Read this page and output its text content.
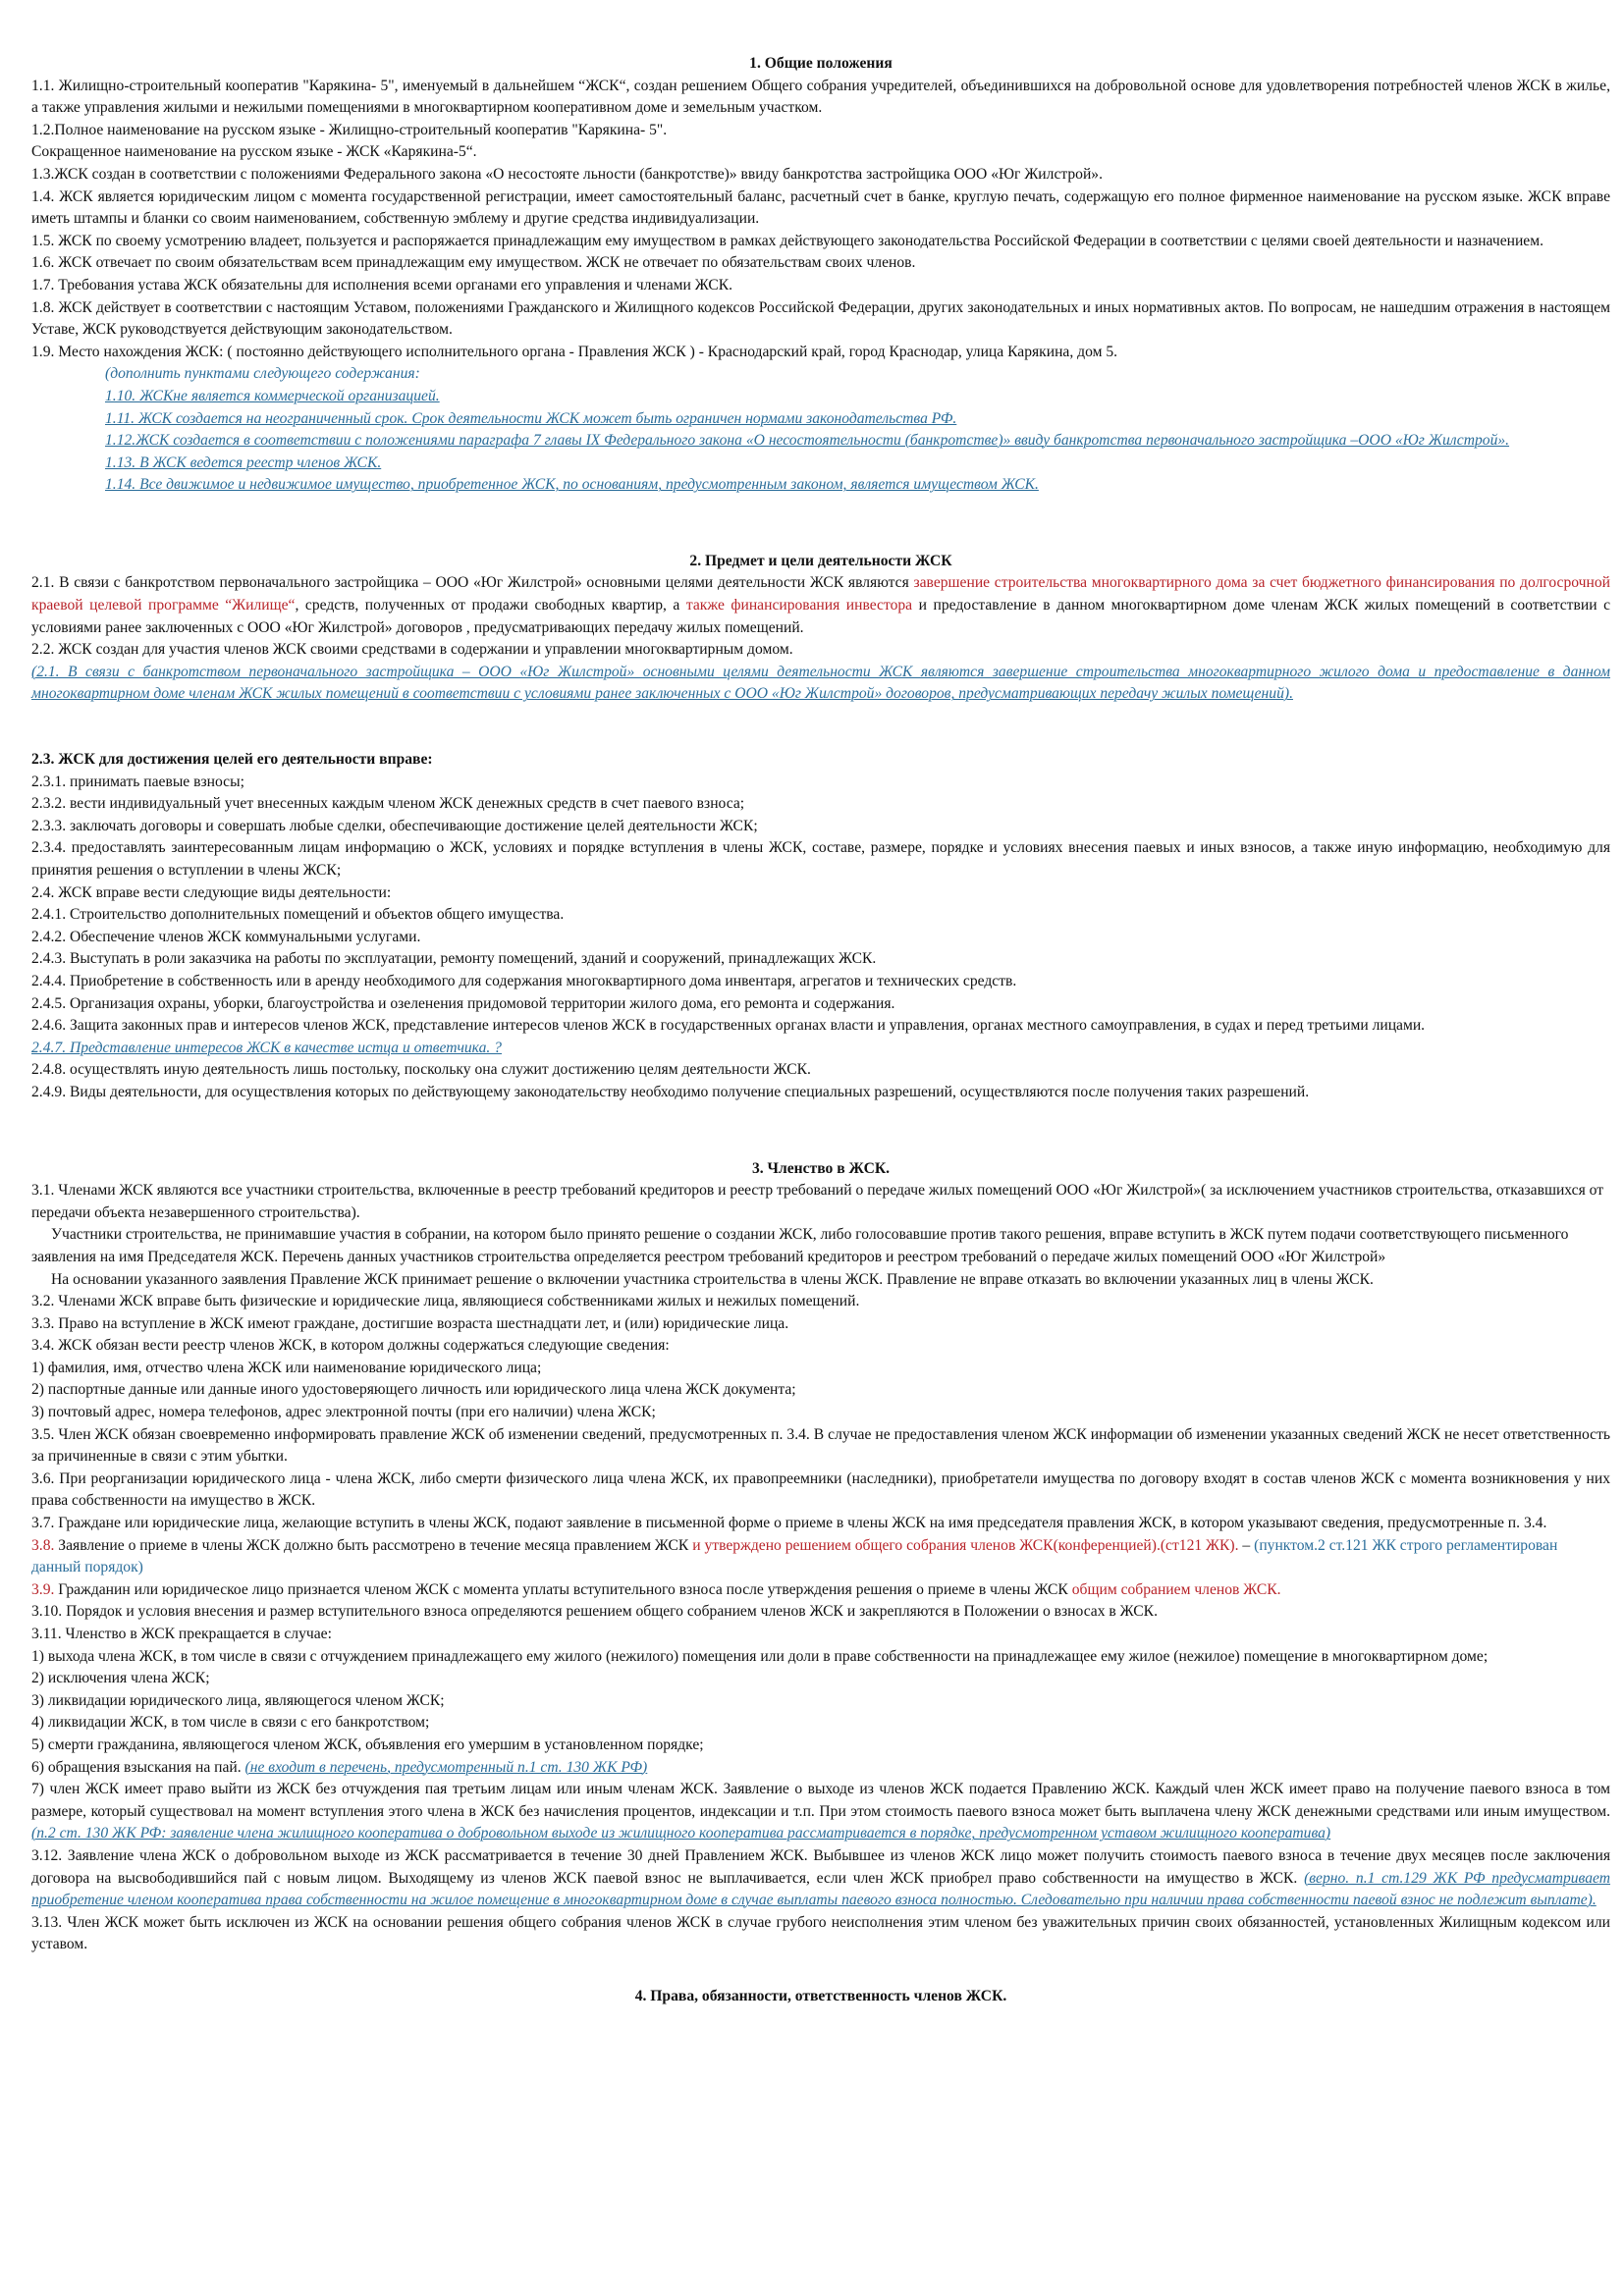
1. Общие положения

1.1. Жилищно-строительный кооператив "Карякина- 5", именуемый в дальнейшем “ЖСК“, создан решением Общего собрания учредителей, объединившихся на добровольной основе для удовлетворения потребностей членов ЖСК в жилье, а также управления жилыми и нежилыми помещениями в многоквартирном кооперативном доме и земельным участком.

1.2.Полное наименование на русском языке - Жилищно-строительный кооператив "Карякина- 5".

Сокращенное наименование на русском языке - ЖСК «Карякина-5“.

1.3.ЖСК создан в соответствии с положениями Федерального закона «О несостояте льности (банкротстве)» ввиду банкротства застройщика ООО «Юг Жилстрой».

1.4. ЖСК является юридическим лицом с момента государственной регистрации, имеет самостоятельный баланс, расчетный счет в банке, круглую печать, содержащую его полное фирменное наименование на русском языке. ЖСК вправе иметь штампы и бланки со своим наименованием, собственную эмблему и другие средства индивидуализации.

1.5. ЖСК по своему усмотрению владеет, пользуется и распоряжается принадлежащим ему имуществом в рамках действующего законодательства Российской Федерации в соответствии с целями своей деятельности и назначением.

1.6. ЖСК отвечает по своим обязательствам всем принадлежащим ему имуществом. ЖСК не отвечает по обязательствам своих членов.

1.7. Требования устава ЖСК обязательны для исполнения всеми органами его управления и членами ЖСК.

1.8. ЖСК действует в соответствии с настоящим Уставом, положениями Гражданского и Жилищного кодексов Российской Федерации, других законодательных и иных нормативных актов. По вопросам, не нашедшим отражения в настоящем Уставе, ЖСК руководствуется действующим законодательством.

1.9. Место нахождения ЖСК: ( постоянно действующего исполнительного органа - Правления ЖСК ) - Краснодарский край, город Краснодар, улица Карякина, дом 5.

(дополнить пунктами следующего содержания:

1.10. ЖСКне является коммерческой организацией.

1.11. ЖСК создается на неограниченный срок. Срок деятельности ЖСК может быть ограничен нормами законодательства РФ.

1.12.ЖСК создается в соответствии с положениями параграфа 7 главы IX Федерального закона «О несостоятельности (банкротстве)» ввиду банкротства первоначального застройщика –ООО «Юг Жилстрой».

1.13. В ЖСК ведется реестр членов ЖСК.

1.14. Все движимое и недвижимое имущество, приобретенное ЖСК, по основаниям, предусмотренным законом, является имуществом ЖСК.

2. Предмет и цели деятельности ЖСК

2.1. В связи с банкротством первоначального застройщика – ООО «Юг Жилстрой» основными целями деятельности ЖСК являются завершение строительства многоквартирного дома за счет бюджетного финансирования по долгосрочной краевой целевой программе “Жилище“, средств, полученных от продажи свободных квартир, а также финансирования инвестора и предоставление в данном многоквартирном доме членам ЖСК жилых помещений в соответствии с условиями ранее заключенных с ООО «Юг Жилстрой» договоров , предусматривающих передачу жилых помещений.

2.2. ЖСК создан для участия членов ЖСК своими средствами в содержании и управлении многоквартирным домом.

(2.1. В связи с банкротством первоначального застройщика – ООО «Юг Жилстрой» основными целями деятельности ЖСК являются завершение строительства многоквартирного жилого дома и предоставление в данном многоквартирном доме членам ЖСК жилых помещений в соответствии с условиями ранее заключенных с ООО «Юг Жилстрой» договоров, предусматривающих передачу жилых помещений).

2.3. ЖСК для достижения целей его деятельности вправе:

2.3.1. принимать паевые взносы;

2.3.2. вести индивидуальный учет внесенных каждым членом ЖСК денежных средств в счет паевого взноса;

2.3.3. заключать договоры и совершать любые сделки, обеспечивающие достижение целей деятельности ЖСК;

2.3.4. предоставлять заинтересованным лицам информацию о ЖСК, условиях и порядке вступления в члены ЖСК, составе, размере, порядке и условиях внесения паевых и иных взносов, а также иную информацию, необходимую для принятия решения о вступлении в члены ЖСК;

2.4. ЖСК вправе вести следующие виды деятельности:

2.4.1. Строительство дополнительных помещений и объектов общего имущества.

2.4.2. Обеспечение членов ЖСК коммунальными услугами.

2.4.3. Выступать в роли заказчика на работы по эксплуатации, ремонту помещений, зданий и сооружений, принадлежащих ЖСК.

2.4.4. Приобретение в собственность или в аренду необходимого для содержания многоквартирного дома инвентаря, агрегатов и технических средств.

2.4.5. Организация охраны, уборки, благоустройства и озеленения придомовой территории жилого дома, его ремонта и содержания.

2.4.6. Защита законных прав и интересов членов ЖСК, представление интересов членов ЖСК в государственных органах власти и управления, органах местного самоуправления, в судах и перед третьими лицами.

2.4.7. Представление интересов ЖСК в качестве истца и ответчика. ?

2.4.8. осуществлять иную деятельность лишь постольку, поскольку она служит достижению целям деятельности ЖСК.

2.4.9. Виды деятельности, для осуществления которых по действующему законодательству необходимо получение специальных разрешений, осуществляются после получения таких разрешений.

3. Членство в ЖСК.

3.1. Членами ЖСК являются все участники строительства, включенные в реестр требований кредиторов и реестр требований о передаче жилых помещений ООО «Юг Жилстрой»( за исключением участников строительства, отказавшихся от передачи объекта незавершенного строительства).

Участники строительства, не принимавшие участия в собрании, на котором было принято решение о создании ЖСК, либо голосовавшие против такого решения, вправе вступить в ЖСК путем подачи соответствующего письменного заявления на имя Председателя ЖСК. Перечень данных участников строительства определяется реестром требований кредиторов и реестром требований о передаче жилых помещений ООО «Юг Жилстрой»

На основании указанного заявления Правление ЖСК принимает решение о включении участника строительства в члены ЖСК. Правление не вправе отказать во включении указанных лиц в члены ЖСК.

3.2. Членами ЖСК вправе быть физические и юридические лица, являющиеся собственниками жилых и нежилых помещений.

3.3. Право на вступление в ЖСК имеют граждане, достигшие возраста шестнадцати лет, и (или) юридические лица.

3.4. ЖСК обязан вести реестр членов ЖСК, в котором должны содержаться следующие сведения:

1) фамилия, имя, отчество члена ЖСК или наименование юридического лица;

2) паспортные данные или данные иного удостоверяющего личность или юридического лица члена ЖСК документа;

3) почтовый адрес, номера телефонов, адрес электронной почты (при его наличии) члена ЖСК;

3.5. Член ЖСК обязан своевременно информировать правление ЖСК об изменении сведений, предусмотренных п. 3.4. В случае не предоставления членом ЖСК информации об изменении указанных сведений ЖСК не несет ответственность за причиненные в связи с этим убытки.

3.6. При реорганизации юридического лица - члена ЖСК, либо смерти физического лица члена ЖСК, их правопреемники (наследники), приобретатели имущества по договору входят в состав членов ЖСК с момента возникновения у них права собственности на имущество в ЖСК.

3.7. Граждане или юридические лица, желающие вступить в члены ЖСК, подают заявление в письменной форме о приеме в члены ЖСК на имя председателя правления ЖСК, в котором указывают сведения, предусмотренные п. 3.4.

3.8. Заявление о приеме в члены ЖСК должно быть рассмотрено в течение месяца правлением ЖСК и утверждено решением общего собрания членов ЖСК(конференцией).(ст121 ЖК). – (пунктом.2 ст.121 ЖК строго регламентирован данный порядок)

3.9. Гражданин или юридическое лицо признается членом ЖСК с момента уплаты вступительного взноса после утверждения решения о приеме в члены ЖСК общим собранием членов ЖСК.

3.10. Порядок и условия внесения и размер вступительного взноса определяются решением общего собранием членов ЖСК и закрепляются в Положении о взносах в ЖСК.

3.11. Членство в ЖСК прекращается в случае:

1) выхода члена ЖСК, в том числе в связи с отчуждением принадлежащего ему жилого (нежилого) помещения или доли в праве собственности на принадлежащее ему жилое (нежилое) помещение в многоквартирном доме;

2) исключения члена ЖСК;

3) ликвидации юридического лица, являющегося членом ЖСК;

4) ликвидации ЖСК, в том числе в связи с его банкротством;

5) смерти гражданина, являющегося членом ЖСК, объявления его умершим в установленном порядке;

6) обращения взыскания на пай. (не входит в перечень, предусмотренный п.1 ст. 130 ЖК РФ)

7) член ЖСК имеет право выйти из ЖСК без отчуждения пая третьим лицам или иным членам ЖСК. Заявление о выходе из членов ЖСК подается Правлению ЖСК. Каждый член ЖСК имеет право на получение паевого взноса в том размере, который существовал на момент вступления этого члена в ЖСК без начисления процентов, индексации и т.п. При этом стоимость паевого взноса может быть выплачена члену ЖСК денежными средствами или иным имуществом. (п.2 ст. 130 ЖК РФ: заявление члена жилищного кооператива о добровольном выходе из жилищного кооператива рассматривается в порядке, предусмотренном уставом жилищного кооператива)

3.12. Заявление члена ЖСК о добровольном выходе из ЖСК рассматривается в течение 30 дней Правлением ЖСК. Выбывшее из членов ЖСК лицо может получить стоимость паевого взноса в течение двух месяцев после заключения договора на высвободившийся пай с новым лицом. Выходящему из членов ЖСК паевой взнос не выплачивается, если член ЖСК приобрел право собственности на имущество в ЖСК. (верно. п.1 ст.129 ЖК РФ предусматривает приобретение членом кооператива права собственности на жилое помещение в многоквартирном доме в случае выплаты паевого взноса полностью. Следовательно при наличии права собственности паевой взнос не подлежит выплате).

3.13. Член ЖСК может быть исключен из ЖСК на основании решения общего собрания членов ЖСК в случае грубого неисполнения этим членом без уважительных причин своих обязанностей, установленных Жилищным кодексом или уставом.

4. Права, обязанности, ответственность членов ЖСК.
